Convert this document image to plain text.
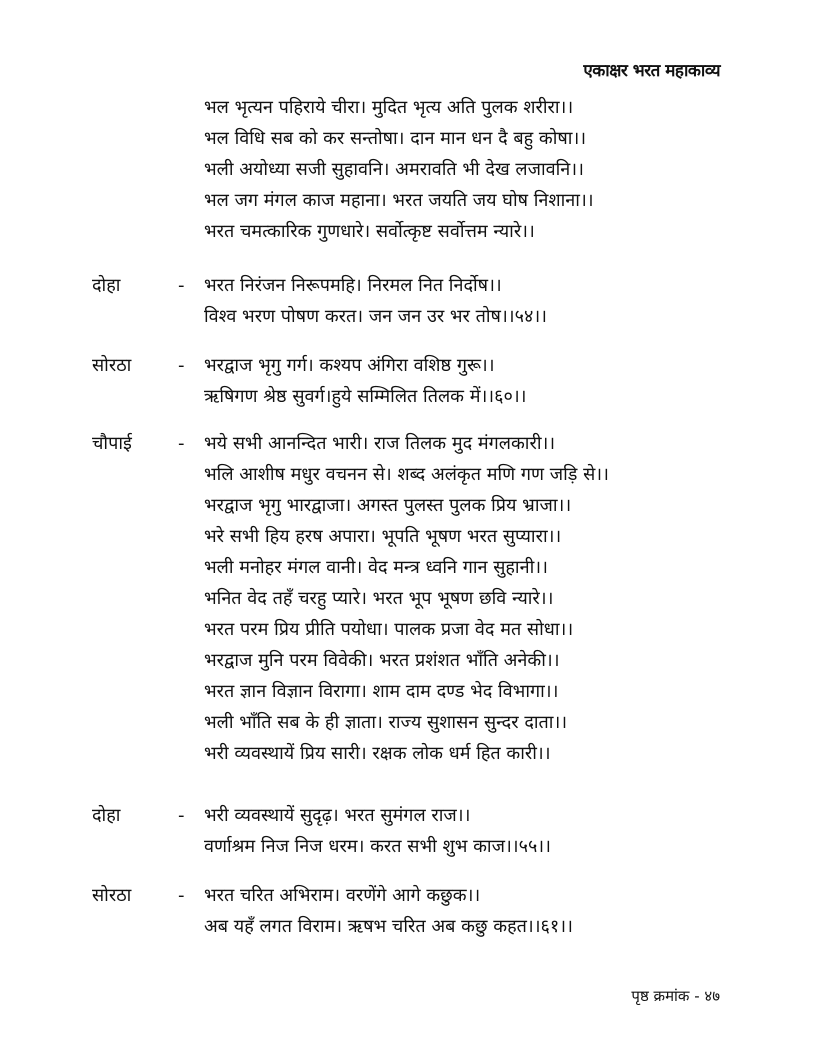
एकाक्षर भरत महाकाव्य
भल भृत्यन पहिराये चीरा। मुदित भृत्य अति पुलक शरीरा।।
भल विधि सब को कर सन्तोषा। दान मान धन दै बहु कोषा।।
भली अयोध्या सजी सुहावनि। अमरावति भी देख लजावनि।।
भल जग मंगल काज महाना। भरत जयति जय घोष निशाना।।
भरत चमत्कारिक गुणधारे। सर्वोत्कृष्ट सर्वोत्तम न्यारे।।
दोहा	- भरत निरंजन निरूपमहि। निरमल नित निर्दोष।।
विश्व भरण पोषण करत। जन जन उर भर तोष।।५४।।
सोरठा	- भरद्वाज भृगु गर्ग। कश्यप अंगिरा वशिष्ठ गुरू।।
ऋषिगण श्रेष्ठ सुवर्ग।हुये सम्मिलित तिलक में।।६०।।
चौपाई	- भये सभी आनन्दित भारी। राज तिलक मुद मंगलकारी।।
भलि आशीष मधुर वचनन से। शब्द अलंकृत मणि गण जड़ि से।।
भरद्वाज भृगु भारद्वाजा। अगस्त पुलस्त पुलक प्रिय भ्राजा।।
भरे सभी हिय हरष अपारा। भूपति भूषण भरत सुप्यारा।।
भली मनोहर मंगल वानी। वेद मन्त्र ध्वनि गान सुहानी।।
भनित वेद तहँ चरहु प्यारे। भरत भूप भूषण छवि न्यारे।।
भरत परम प्रिय प्रीति पयोधा। पालक प्रजा वेद मत सोधा।।
भरद्वाज मुनि परम विवेकी। भरत प्रशंशत भाँति अनेकी।।
भरत ज्ञान विज्ञान विरागा। शाम दाम दण्ड भेद विभागा।।
भली भाँति सब के ही ज्ञाता। राज्य सुशासन सुन्दर दाता।।
भरी व्यवस्थायें प्रिय सारी। रक्षक लोक धर्म हित कारी।।
दोहा	- भरी व्यवस्थायें सुदृढ़। भरत सुमंगल राज।।
वर्णाश्रम निज निज धरम। करत सभी शुभ काज।।५५।।
सोरठा	- भरत चरित अभिराम। वरणेंगे आगे कछुक।।
अब यहँ लगत विराम। ऋषभ चरित अब कछु कहत।।६१।।
पृष्ठ क्रमांक - ४७
